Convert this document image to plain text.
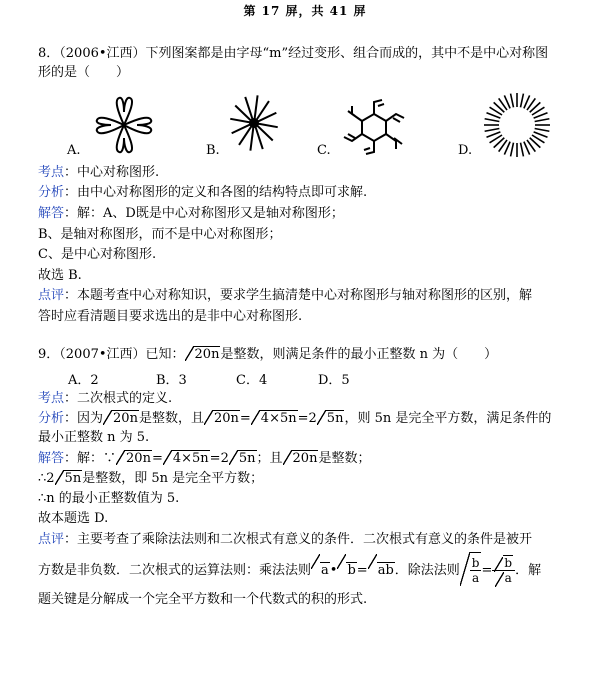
第 17 屏，共 41 屏
8．（2006•江西）下列图案都是由字母“m”经过变形、组合而成的，其中不是中心对称图
形的是（　　）
A.	B.	C.	D.
考点：中心对称图形.
分析：由中心对称图形的定义和各图的结构特点即可求解.
解答：解：A、D既是中心对称图形又是轴对称图形；
B、是轴对称图形，而不是中心对称图形；
C、是中心对称图形.
故选 B.
点评：本题考查中心对称知识，要求学生搞清楚中心对称图形与轴对称图形的区别，解
答时应看清题目要求选出的是非中心对称图形.
9．（2007•江西）已知： 20n是整数，则满足条件的最小正整数 n 为（　　）
A．2	B．3	C．4	D．5
考点：二次根式的定义.
分析：因为 20n是整数，且 20n= 4×5n=2 5n，则 5n 是完全平方数，满足条件的
最小正整数 n 为 5.
解答：解：∵ 20n= 4×5n=2 5n；且 20n是整数；
∴2 5n是整数，即 5n 是完全平方数；
∴n 的最小正整数值为 5.
故本题选 D.
点评：主要考查了乘除法法则和二次根式有意义的条件．二次根式有意义的条件是被开
方数是非负数．二次根式的运算法则：乘法法则 a• b= ab．除法法则 $\frac{b}{a} = \frac{b}{a}$ ．解
题关键是分解成一个完全平方数和一个代数式的积的形式.
